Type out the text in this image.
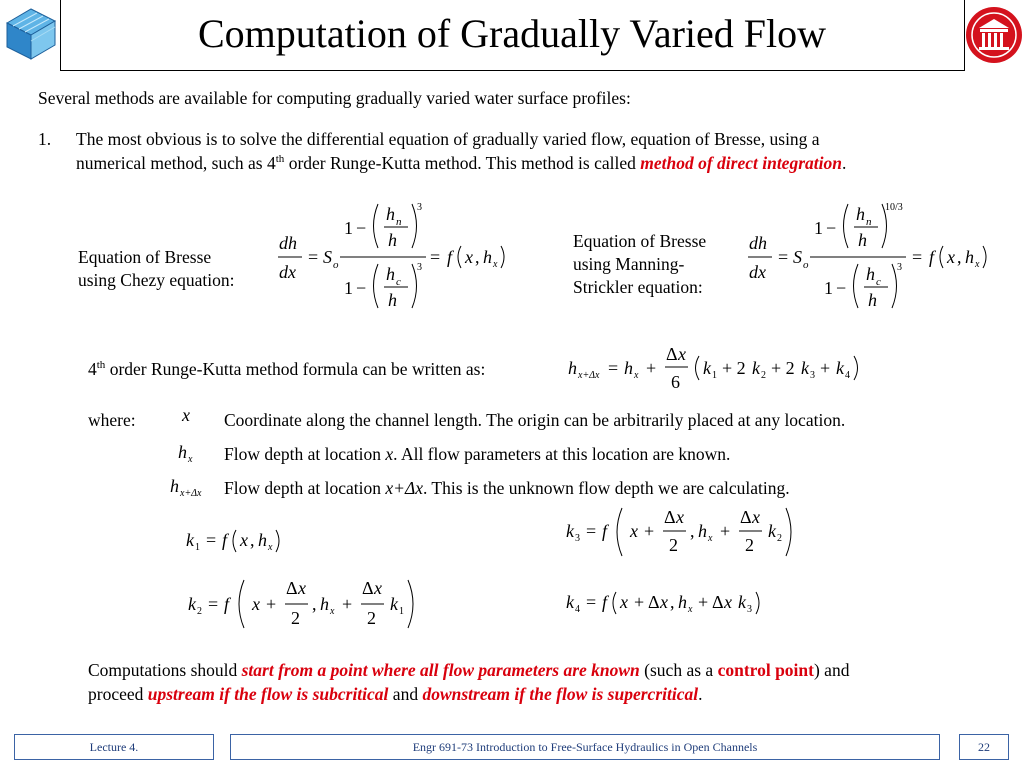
Computation of Gradually Varied Flow
Several methods are available for computing gradually varied water surface profiles:
1. The most obvious is to solve the differential equation of gradually varied flow, equation of Bresse, using a
numerical method, such as 4th order Runge-Kutta method. This method is called method of direct integration.
Equation of Bresse
using Chezy equation:
dh
dx
= S o
1 −
h n
h
3
1 −
h c
h
3
= f x , h x
Equation of Bresse
using Manning-
Strickler equation:
dh
dx
= S o
1 −
h n
h
10/3
1 −
h c
h
3
= f x , h x
4th order Runge-Kutta method formula can be written as:	h x+Δx = h x +
Δ x
6
k 1 + 2 k 2 + 2 k 3 + k 4
where:	x Coordinate along the channel length. The origin can be arbitrarily placed at any location.
h x Flow depth at location x. All flow parameters at this location are known.
h x+Δx Flow depth at location x+Δx. This is the unknown flow depth we are calculating.
k 1 = f x , h x
k 2 = f x +
Δ x
2
, h x +
Δ x
2
k 1
k 3 = f x +
Δ x
2
, h x +
Δ x
2
k 2
k 4 = f x + Δ x , h x + Δ x k 3
Computations should start from a point where all flow parameters are known (such as a control point) and
proceed upstream if the flow is subcritical and downstream if the flow is supercritical.
Lecture 4.	Engr 691-73 Introduction to Free-Surface Hydraulics in Open Channels	22
